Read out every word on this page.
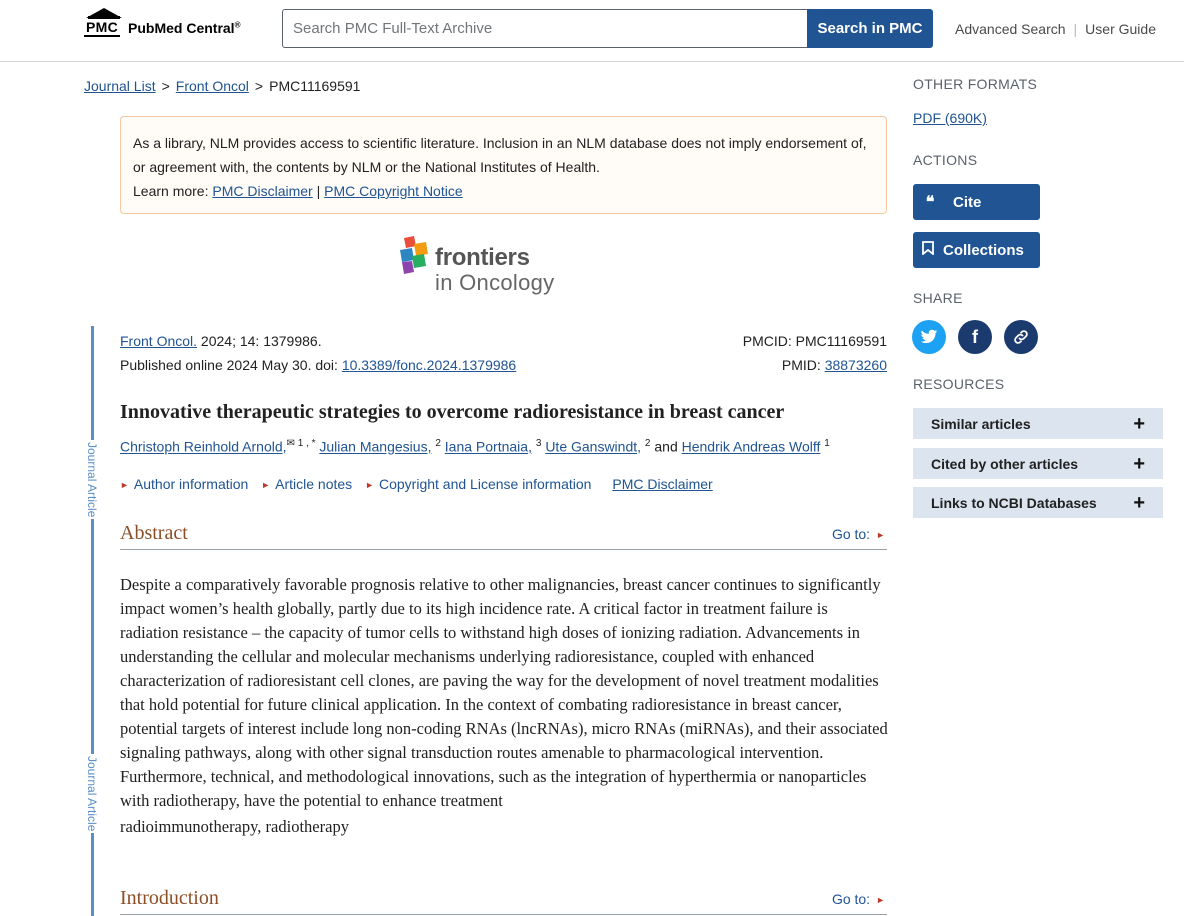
PMC PubMed Central®
Search PMC Full-Text Archive	Search in PMC	Advanced Search | User Guide
Journal List > Front Oncol > PMC11169591
As a library, NLM provides access to scientific literature. Inclusion in an NLM database does not imply endorsement of, or agreement with, the contents by NLM or the National Institutes of Health.
Learn more: PMC Disclaimer | PMC Copyright Notice
frontiers
in Oncology
Journal Article
Journal Article
Front Oncol. 2024; 14: 1379986.
Published online 2024 May 30. doi: 10.3389/fonc.2024.1379986
PMCID: PMC11169591
PMID: 38873260
Innovative therapeutic strategies to overcome radioresistance in breast cancer
Christoph Reinhold Arnold,$^{✉ 1 , *}$ Julian Mangesius, $^2$ Iana Portnaia, $^3$ Ute Ganswindt, $^2$ and Hendrik Andreas Wolff $^1$
► Author information ► Article notes ► Copyright and License information PMC Disclaimer
Abstract	Go to: ►

Despite a comparatively favorable prognosis relative to other malignancies, breast cancer continues to significantly impact women’s health globally, partly due to its high incidence rate. A critical factor in treatment failure is radiation resistance – the capacity of tumor cells to withstand high doses of ionizing radiation. Advancements in understanding the cellular and molecular mechanisms underlying radioresistance, coupled with enhanced characterization of radioresistant cell clones, are paving the way for the development of novel treatment modalities that hold potential for future clinical application. In the context of combating radioresistance in breast cancer, potential targets of interest include long non-coding RNAs (lncRNAs), micro RNAs (miRNAs), and their associated signaling pathways, along with other signal transduction routes amenable to pharmacological intervention. Furthermore, technical, and methodological innovations, such as the integration of hyperthermia or nanoparticles with radiotherapy, have the potential to enhance treatment

radioimmunotherapy, radiotherapy

Introduction	Go to: ►
OTHER FORMATS
PDF (690K)
ACTIONS
❝	Cite
Collections
SHARE
f
RESOURCES
Similar articles	+
Cited by other articles	+
Links to NCBI Databases +
